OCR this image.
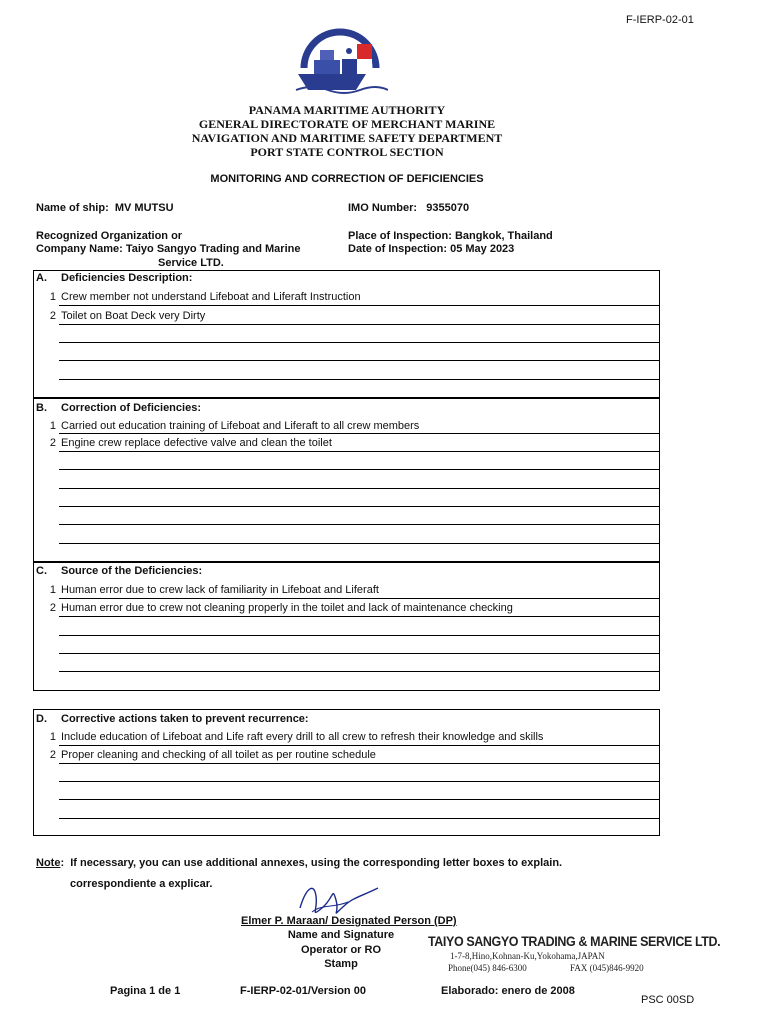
F-IERP-02-01
PANAMA MARITIME AUTHORITY
GENERAL DIRECTORATE OF MERCHANT MARINE
NAVIGATION AND MARITIME SAFETY DEPARTMENT
PORT STATE CONTROL SECTION
MONITORING AND CORRECTION OF DEFICIENCIES
Name of ship: MV MUTSU	IMO Number: 9355070
Recognized Organization or
Company Name: Taiyo Sangyo Trading and Marine
Service LTD.
Place of Inspection: Bangkok, Thailand
Date of Inspection: 05 May 2023
A. Deficiencies Description:
1 Crew member not understand Lifeboat and Liferaft Instruction
2 Toilet on Boat Deck very Dirty
B. Correction of Deficiencies:
1 Carried out education training of Lifeboat and Liferaft to all crew members
2 Engine crew replace defective valve and clean the toilet
C. Source of the Deficiencies:
1 Human error due to crew lack of familiarity in Lifeboat and Liferaft
2 Human error due to crew not cleaning properly in the toilet and lack of maintenance checking
D. Corrective actions taken to prevent recurrence:
1 Include education of Lifeboat and Life raft every drill to all crew to refresh their knowledge and skills
2 Proper cleaning and checking of all toilet as per routine schedule
Note:  If necessary, you can use additional annexes, using the corresponding letter boxes to explain.
correspondiente a explicar.
Elmer P. Maraan/ Designated Person (DP)
Name and Signature
Operator or RO
Stamp
TAIYO SANGYO TRADING & MARINE SERVICE LTD.
1-7-8,Hino,Kohnan-Ku,Yokohama,JAPAN
Phone(045) 846-6300	FAX (045)846-9920
Pagina 1 de 1	F-IERP-02-01/Version 00	Elaborado: enero de 2008
PSC 00SD
